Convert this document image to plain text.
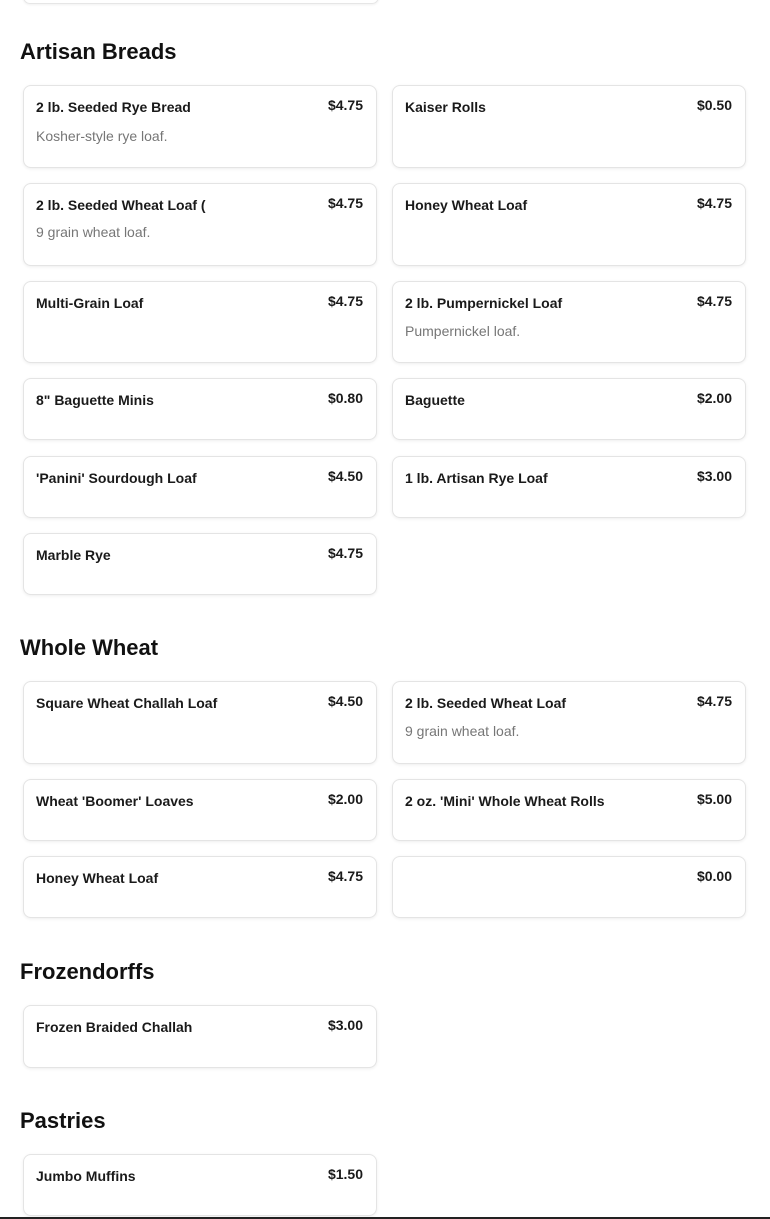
Artisan Breads
2 lb. Seeded Rye Bread	$4.75
Kosher-style rye loaf.
Kaiser Rolls	$0.50
2 lb. Seeded Wheat Loaf (	$4.75
9 grain wheat loaf.
Honey Wheat Loaf	$4.75
Multi-Grain Loaf	$4.75	2 lb. Pumpernickel Loaf	$4.75
Pumpernickel loaf.
8" Baguette Minis	$0.80	Baguette	$2.00
'Panini' Sourdough Loaf	$4.50	1 lb. Artisan Rye Loaf	$3.00
Marble Rye	$4.75
Whole Wheat
Square Wheat Challah Loaf	$4.50	2 lb. Seeded Wheat Loaf	$4.75
9 grain wheat loaf.
Wheat 'Boomer' Loaves	$2.00	2 oz. 'Mini' Whole Wheat Rolls	$5.00
Honey Wheat Loaf	$4.75	$0.00
Frozendorffs
Frozen Braided Challah	$3.00
Pastries
Jumbo Muffins	$1.50
